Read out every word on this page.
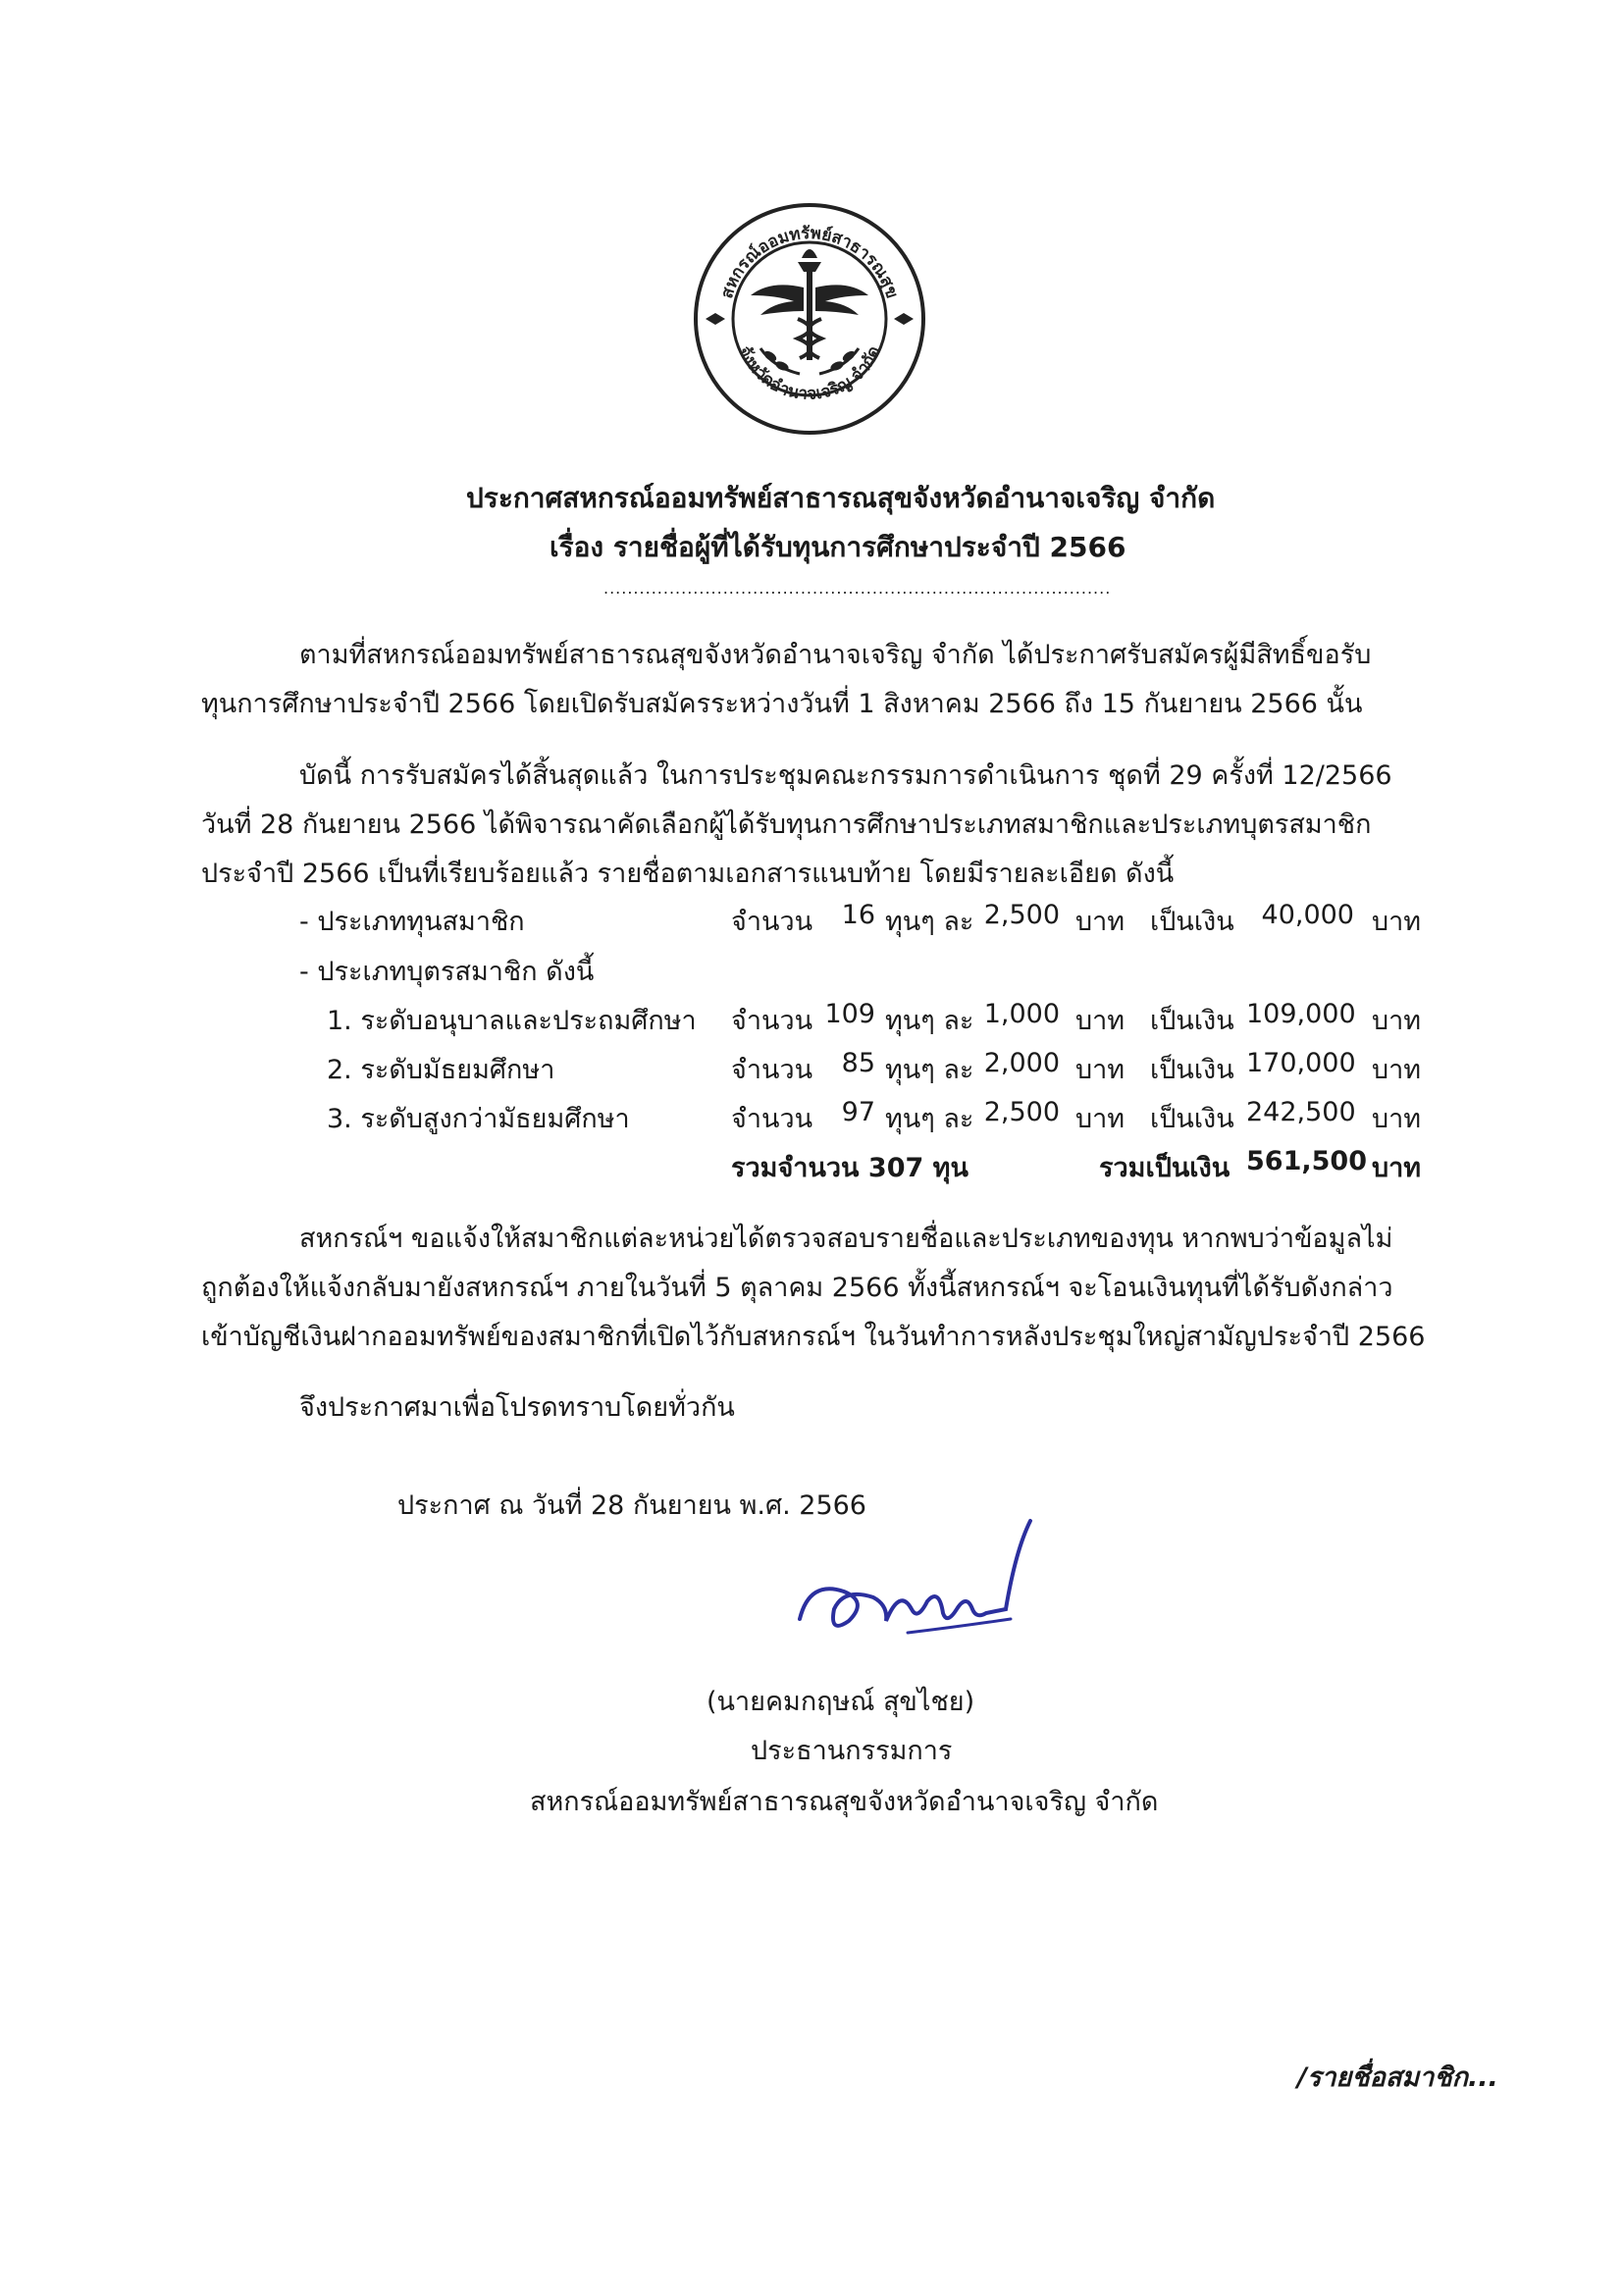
สหกรณ์ออมทรัพย์สาธารณสุข
จังหวัดอำนาจเจริญ จำกัด
ประกาศสหกรณ์ออมทรัพย์สาธารณสุขจังหวัดอำนาจเจริญ จำกัด
เรื่อง รายชื่อผู้ที่ได้รับทุนการศึกษาประจำปี 2566
.....................................................................................
ตามที่สหกรณ์ออมทรัพย์สาธารณสุขจังหวัดอำนาจเจริญ จำกัด ได้ประกาศรับสมัครผู้มีสิทธิ์ขอรับ
ทุนการศึกษาประจำปี 2566 โดยเปิดรับสมัครระหว่างวันที่ 1 สิงหาคม 2566 ถึง 15 กันยายน 2566 นั้น
บัดนี้ การรับสมัครได้สิ้นสุดแล้ว ในการประชุมคณะกรรมการดำเนินการ ชุดที่ 29 ครั้งที่ 12/2566
วันที่ 28 กันยายน 2566 ได้พิจารณาคัดเลือกผู้ได้รับทุนการศึกษาประเภทสมาชิกและประเภทบุตรสมาชิก
ประจำปี 2566 เป็นที่เรียบร้อยแล้ว รายชื่อตามเอกสารแนบท้าย โดยมีรายละเอียด ดังนี้
- ประเภททุนสมาชิก	จำนวน	16 ทุนๆ ละ 2,500 บาท เป็นเงิน	40,000 บาท
- ประเภทบุตรสมาชิก ดังนี้
1. ระดับอนุบาลและประถมศึกษา จำนวน 109 ทุนๆ ละ 1,000 บาท เป็นเงิน 109,000 บาท
2. ระดับมัธยมศึกษา	จำนวน	85 ทุนๆ ละ 2,000 บาท เป็นเงิน 170,000 บาท
3. ระดับสูงกว่ามัธยมศึกษา	จำนวน	97 ทุนๆ ละ 2,500 บาท เป็นเงิน 242,500 บาท
รวมจำนวน 307 ทุน	รวมเป็นเงิน 561,500 บาท
สหกรณ์ฯ ขอแจ้งให้สมาชิกแต่ละหน่วยได้ตรวจสอบรายชื่อและประเภทของทุน หากพบว่าข้อมูลไม่
ถูกต้องให้แจ้งกลับมายังสหกรณ์ฯ ภายในวันที่ 5 ตุลาคม 2566 ทั้งนี้สหกรณ์ฯ จะโอนเงินทุนที่ได้รับดังกล่าว
เข้าบัญชีเงินฝากออมทรัพย์ของสมาชิกที่เปิดไว้กับสหกรณ์ฯ ในวันทำการหลังประชุมใหญ่สามัญประจำปี 2566
จึงประกาศมาเพื่อโปรดทราบโดยทั่วกัน
ประกาศ ณ วันที่ 28 กันยายน พ.ศ. 2566
(นายคมกฤษณ์ สุขไชย)
ประธานกรรมการ
สหกรณ์ออมทรัพย์สาธารณสุขจังหวัดอำนาจเจริญ จำกัด
/รายชื่อสมาชิก...
